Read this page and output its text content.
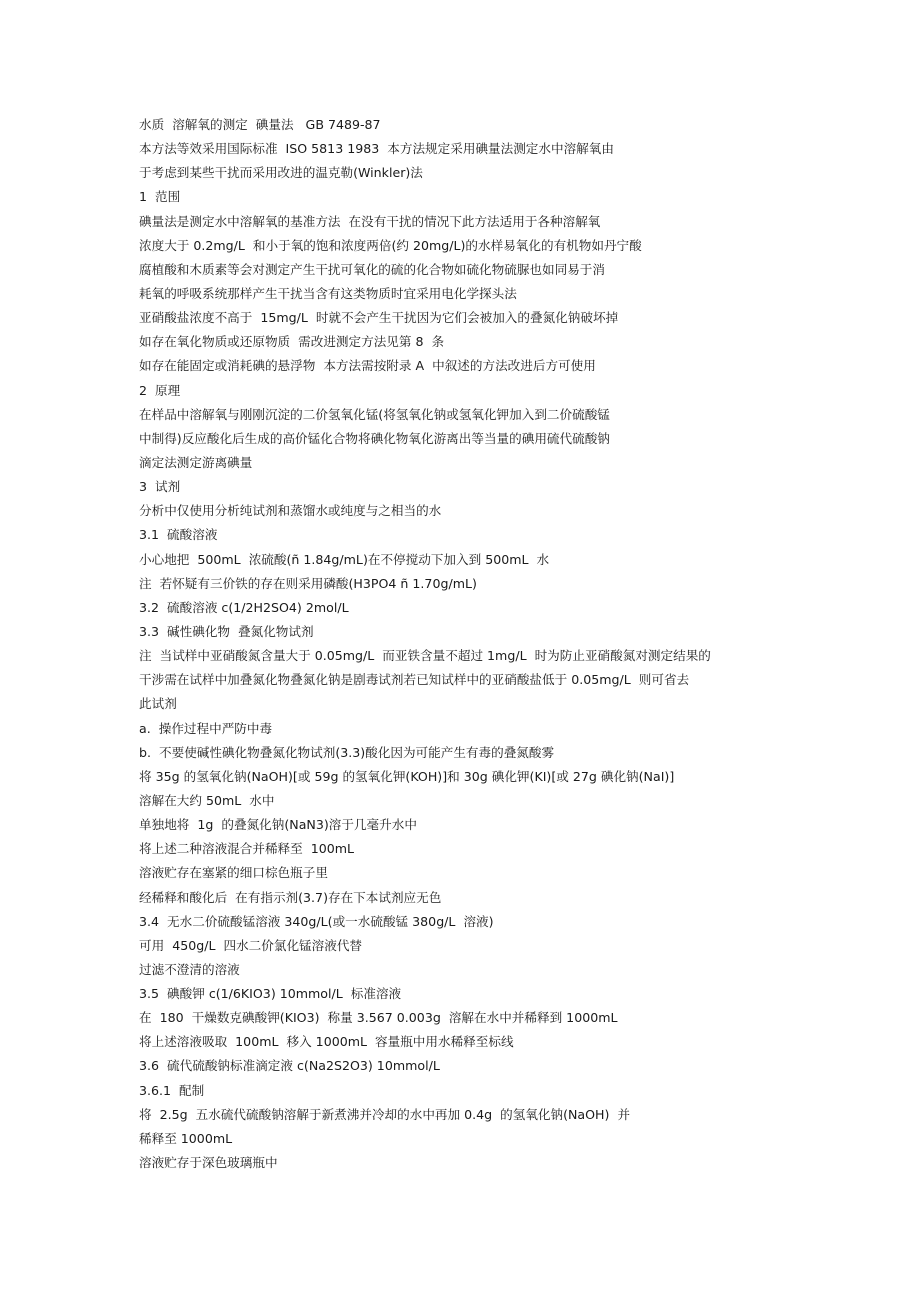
水质  溶解氧的测定  碘量法   GB 7489-87
本方法等效采用国际标准  ISO 5813 1983  本方法规定采用碘量法测定水中溶解氧由
于考虑到某些干扰而采用改进的温克勒(Winkler)法
1  范围
碘量法是测定水中溶解氧的基准方法  在没有干扰的情况下此方法适用于各种溶解氧
浓度大于 0.2mg/L  和小于氧的饱和浓度两倍(约 20mg/L)的水样易氧化的有机物如丹宁酸
腐植酸和木质素等会对测定产生干扰可氧化的硫的化合物如硫化物硫脲也如同易于消
耗氧的呼吸系统那样产生干扰当含有这类物质时宜采用电化学探头法
亚硝酸盐浓度不高于  15mg/L  时就不会产生干扰因为它们会被加入的叠氮化钠破坏掉
如存在氧化物质或还原物质  需改进测定方法见第 8  条
如存在能固定或消耗碘的悬浮物  本方法需按附录 A  中叙述的方法改进后方可使用
2  原理
在样品中溶解氧与刚刚沉淀的二价氢氧化锰(将氢氧化钠或氢氧化钾加入到二价硫酸锰
中制得)反应酸化后生成的高价锰化合物将碘化物氧化游离出等当量的碘用硫代硫酸钠
滴定法测定游离碘量
3  试剂
分析中仅使用分析纯试剂和蒸馏水或纯度与之相当的水
3.1  硫酸溶液
小心地把  500mL  浓硫酸(ñ 1.84g/mL)在不停搅动下加入到 500mL  水
注  若怀疑有三价铁的存在则采用磷酸(H3PO4 ñ 1.70g/mL)
3.2  硫酸溶液 c(1/2H2SO4) 2mol/L
3.3  碱性碘化物  叠氮化物试剂
注  当试样中亚硝酸氮含量大于 0.05mg/L  而亚铁含量不超过 1mg/L  时为防止亚硝酸氮对测定结果的
干涉需在试样中加叠氮化物叠氮化钠是剧毒试剂若已知试样中的亚硝酸盐低于 0.05mg/L  则可省去
此试剂
a.  操作过程中严防中毒
b.  不要使碱性碘化物叠氮化物试剂(3.3)酸化因为可能产生有毒的叠氮酸雾
将 35g 的氢氧化钠(NaOH)[或 59g 的氢氧化钾(KOH)]和 30g 碘化钾(KI)[或 27g 碘化钠(NaI)]
溶解在大约 50mL  水中
单独地将  1g  的叠氮化钠(NaN3)溶于几毫升水中
将上述二种溶液混合并稀释至  100mL
溶液贮存在塞紧的细口棕色瓶子里
经稀释和酸化后  在有指示剂(3.7)存在下本试剂应无色
3.4  无水二价硫酸锰溶液 340g/L(或一水硫酸锰 380g/L  溶液)
可用  450g/L  四水二价氯化锰溶液代替
过滤不澄清的溶液
3.5  碘酸钾 c(1/6KIO3) 10mmol/L  标准溶液
在  180  干燥数克碘酸钾(KIO3)  称量 3.567 0.003g  溶解在水中并稀释到 1000mL
将上述溶液吸取  100mL  移入 1000mL  容量瓶中用水稀释至标线
3.6  硫代硫酸钠标准滴定液 c(Na2S2O3) 10mmol/L
3.6.1  配制
将  2.5g  五水硫代硫酸钠溶解于新煮沸并冷却的水中再加 0.4g  的氢氧化钠(NaOH)  并
稀释至 1000mL
溶液贮存于深色玻璃瓶中
